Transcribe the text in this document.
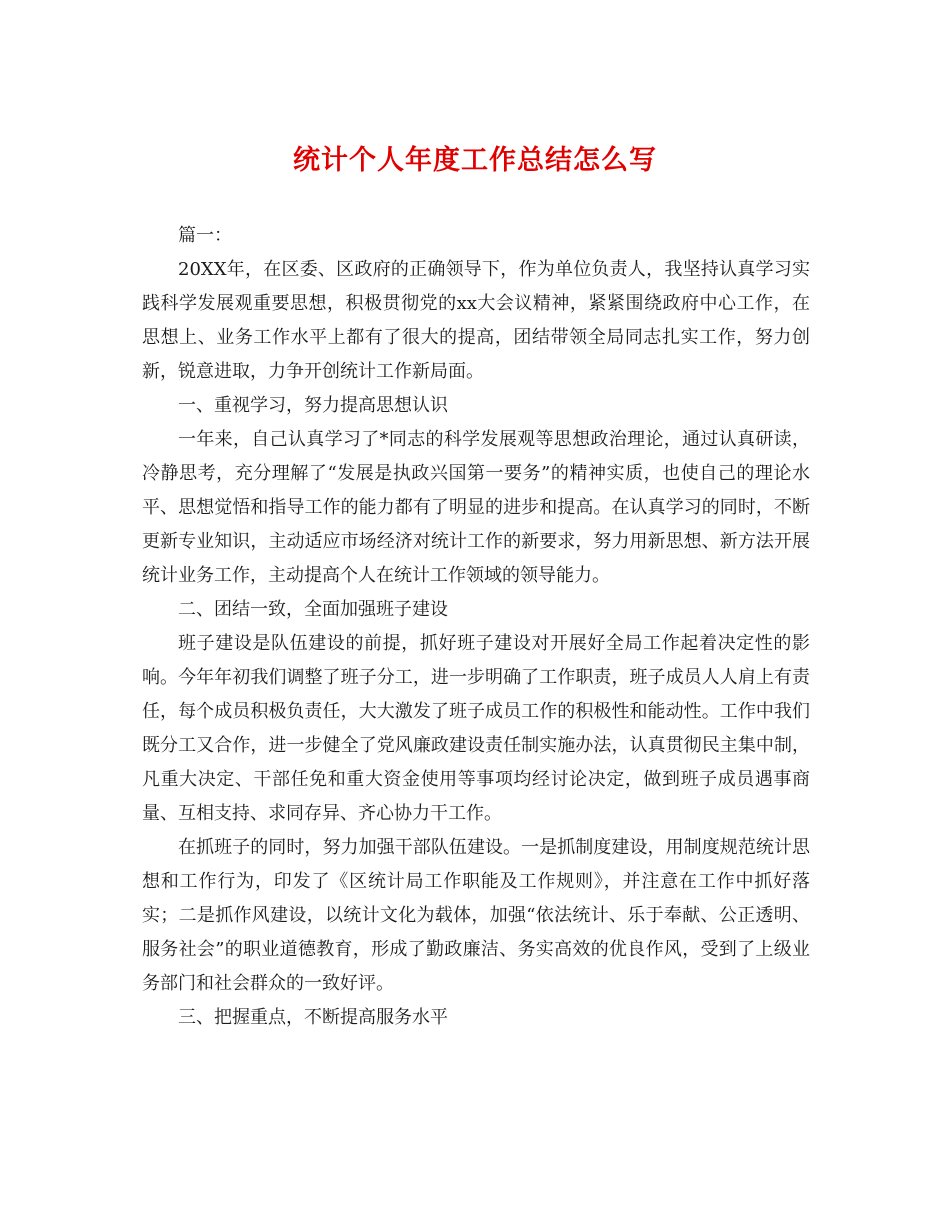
统计个人年度工作总结怎么写

篇一：

20XX年，在区委、区政府的正确领导下，作为单位负责人，我坚持认真学习实践科学发展观重要思想，积极贯彻党的xx大会议精神，紧紧围绕政府中心工作，在思想上、业务工作水平上都有了很大的提高，团结带领全局同志扎实工作，努力创新，锐意进取，力争开创统计工作新局面。

一、重视学习，努力提高思想认识

一年来，自己认真学习了*同志的科学发展观等思想政治理论，通过认真研读，冷静思考，充分理解了“发展是执政兴国第一要务”的精神实质，也使自己的理论水平、思想觉悟和指导工作的能力都有了明显的进步和提高。在认真学习的同时，不断更新专业知识，主动适应市场经济对统计工作的新要求，努力用新思想、新方法开展统计业务工作，主动提高个人在统计工作领域的领导能力。

二、团结一致，全面加强班子建设

班子建设是队伍建设的前提，抓好班子建设对开展好全局工作起着决定性的影响。今年年初我们调整了班子分工，进一步明确了工作职责，班子成员人人肩上有责任，每个成员积极负责任，大大激发了班子成员工作的积极性和能动性。工作中我们既分工又合作，进一步健全了党风廉政建设责任制实施办法，认真贯彻民主集中制，凡重大决定、干部任免和重大资金使用等事项均经讨论决定，做到班子成员遇事商量、互相支持、求同存异、齐心协力干工作。

在抓班子的同时，努力加强干部队伍建设。一是抓制度建设，用制度规范统计思想和工作行为，印发了《区统计局工作职能及工作规则》，并注意在工作中抓好落实；二是抓作风建设，以统计文化为载体，加强“依法统计、乐于奉献、公正透明、服务社会”的职业道德教育，形成了勤政廉洁、务实高效的优良作风，受到了上级业务部门和社会群众的一致好评。

三、把握重点，不断提高服务水平
